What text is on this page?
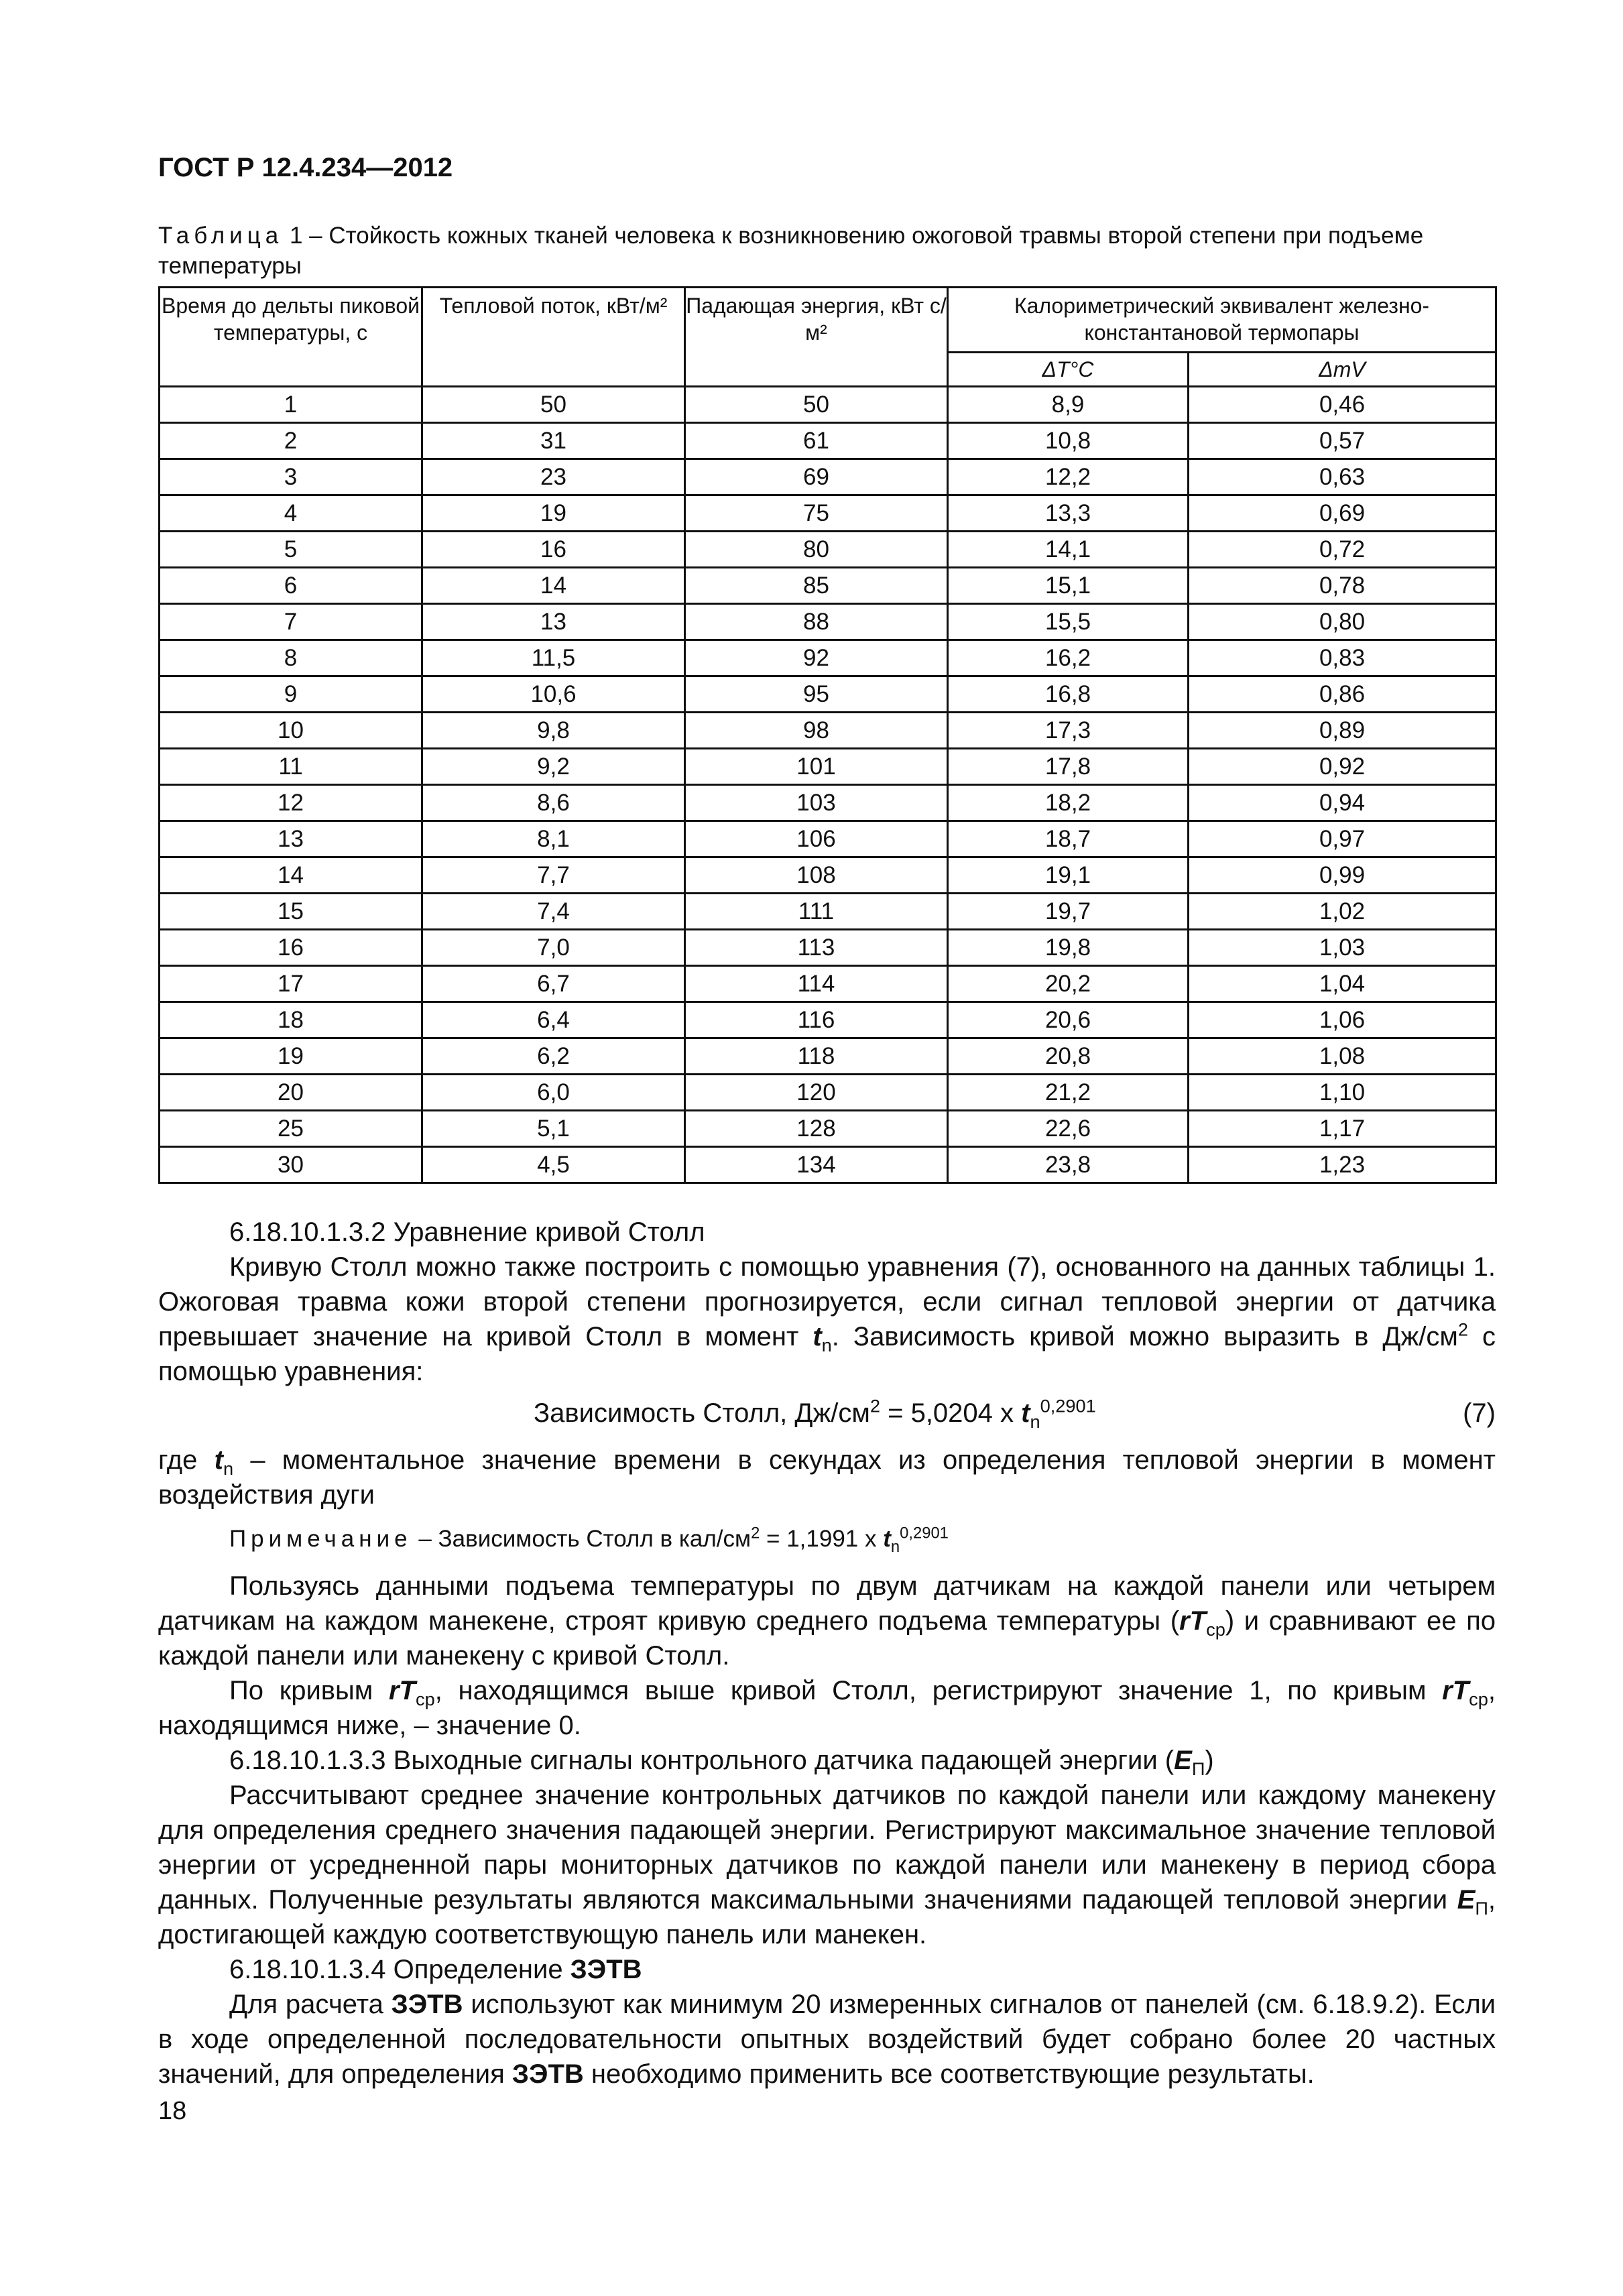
ГОСТ Р 12.4.234—2012
Таблица 1 – Стойкость кожных тканей человека к возникновению ожоговой травмы второй степени при подъеме температуры
Время до дельты пиковой температуры, с	Тепловой поток, кВт/м²	Падающая энергия, кВт с/м²	Калориметрический эквивалент железно-константановой термопары	
			ΔT°C	ΔmV
1	50	50	8,9	0,46
2	31	61	10,8	0,57
3	23	69	12,2	0,63
4	19	75	13,3	0,69
5	16	80	14,1	0,72
6	14	85	15,1	0,78
7	13	88	15,5	0,80
8	11,5	92	16,2	0,83
9	10,6	95	16,8	0,86
10	9,8	98	17,3	0,89
11	9,2	101	17,8	0,92
12	8,6	103	18,2	0,94
13	8,1	106	18,7	0,97
14	7,7	108	19,1	0,99
15	7,4	111	19,7	1,02
16	7,0	113	19,8	1,03
17	6,7	114	20,2	1,04
18	6,4	116	20,6	1,06
19	6,2	118	20,8	1,08
20	6,0	120	21,2	1,10
25	5,1	128	22,6	1,17
30	4,5	134	23,8	1,23

6.18.10.1.3.2 Уравнение кривой Столл

Кривую Столл можно также построить с помощью уравнения (7), основанного на данных таблицы 1. Ожоговая травма кожи второй степени прогнозируется, если сигнал тепловой энергии от датчика превышает значение на кривой Столл в момент $t_n$. Зависимость кривой можно выразить в $Дж/см^2$ с помощью уравнения:

Зависимость Столл, $Дж/см^2 = 5,0204$ x $t_n^{0,2901}$	(7)

где $t_n$ – моментальное значение времени в секундах из определения тепловой энергии в момент воздействия дуги

Примечание – Зависимость Столл в кал/$см^2 = 1,1991$ x $t_n^{0,2901}$

Пользуясь данными подъема температуры по двум датчикам на каждой панели или четырем датчикам на каждом манекене, строят кривую среднего подъема температуры $(rT_{ср})$ и сравнивают ее по каждой панели или манекену с кривой Столл.

По кривым $rT_{ср}$, находящимся выше кривой Столл, регистрируют значение 1, по кривым $rT_{ср}$, находящимся ниже, – значение 0.

6.18.10.1.3.3 Выходные сигналы контрольного датчика падающей энергии $(E_П)$

Рассчитывают среднее значение контрольных датчиков по каждой панели или каждому манекену для определения среднего значения падающей энергии. Регистрируют максимальное значение тепловой энергии от усредненной пары мониторных датчиков по каждой панели или манекену в период сбора данных. Полученные результаты являются максимальными значениями падающей тепловой энергии $E_П$, достигающей каждую соответствующую панель или манекен.

6.18.10.1.3.4 Определение ЗЭТВ

Для расчета ЗЭТВ используют как минимум 20 измеренных сигналов от панелей (см. 6.18.9.2). Если в ходе определенной последовательности опытных воздействий будет собрано более 20 частных значений, для определения ЗЭТВ необходимо применить все соответствующие результаты.

18
